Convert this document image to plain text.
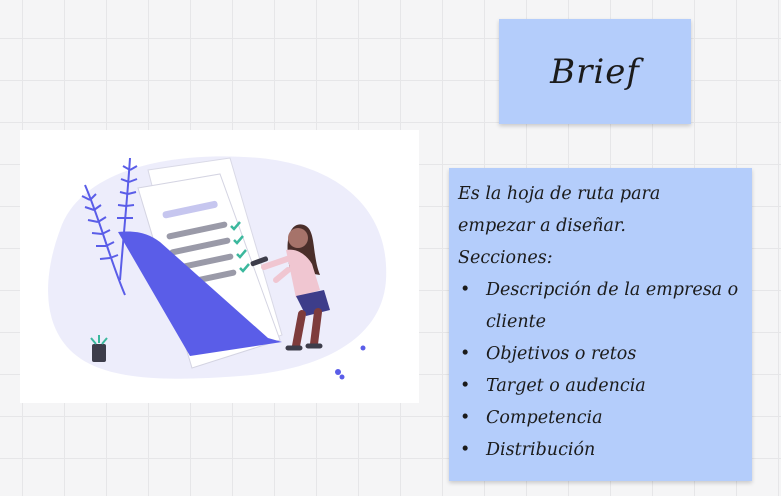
Brief

Es la hoja de ruta para

empezar a diseñar.

Secciones:

• Descripción de la empresa o cliente
• Objetivos o retos
• Target o audencia
• Competencia
• Distribución
